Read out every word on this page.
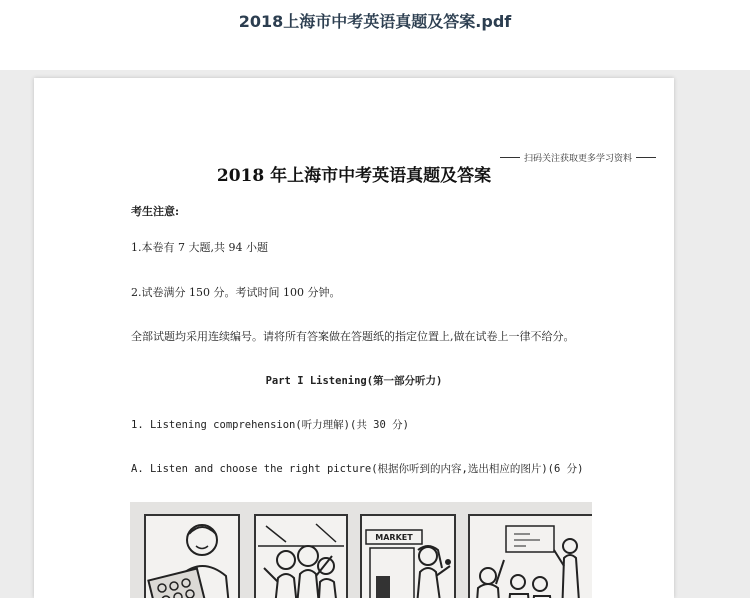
2018上海市中考英语真题及答案.pdf
扫码关注获取更多学习资料
2018 年上海市中考英语真题及答案
考生注意:
1.本卷有 7 大题,共 94 小题
2.试卷满分 150 分。考试时间 100 分钟。
全部试题均采用连续编号。请将所有答案做在答题纸的指定位置上,做在试卷上一律不给分。
Part I Listening(第一部分听力)
1. Listening comprehension(听力理解)(共 30 分)
A. Listen and choose the right picture(根据你听到的内容,选出相应的图片)(6 分)
MARKET
